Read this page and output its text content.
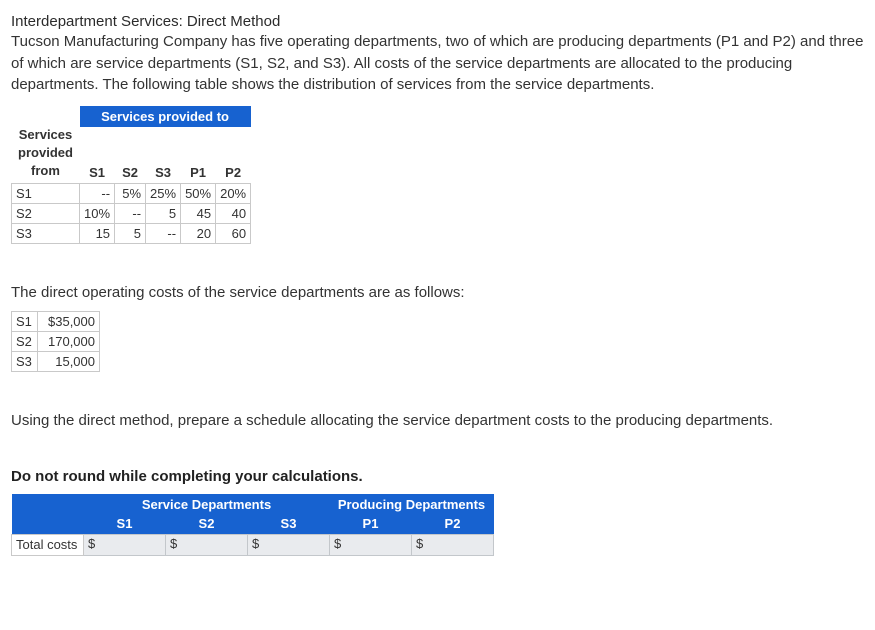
Interdepartment Services: Direct Method

Tucson Manufacturing Company has five operating departments, two of which are producing departments (P1 and P2) and three of which are service departments (S1, S2, and S3). All costs of the service departments are allocated to the producing departments. The following table shows the distribution of services from the service departments.

Services
provided
from	Services provided to				
	S1	S2	S3	P1	P2
S1	--	5%	25%	50%	20%
S2	10%	--	5	45	40
S3	15	5	--	20	60

The direct operating costs of the service departments are as follows:

S1	$35,000
S2	170,000
S3	15,000

Using the direct method, prepare a schedule allocating the service department costs to the producing departments.

Do not round while completing your calculations.

	Service Departments			Producing Departments	
	S1	S2	S3	P1	P2
Total costs	$	$	$	$	$
